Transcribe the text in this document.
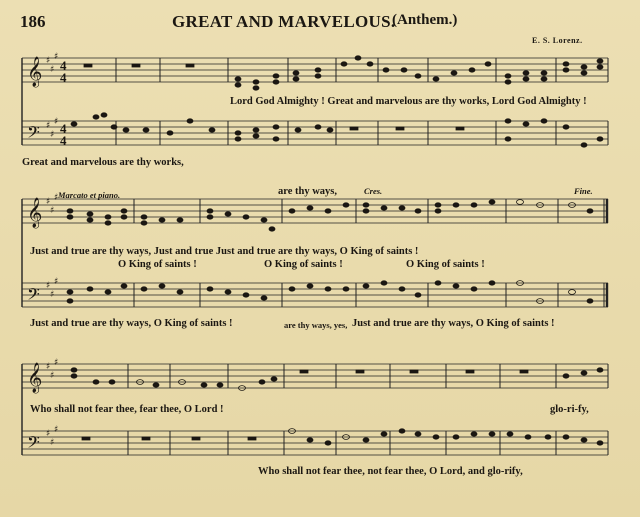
186	GREAT AND MARVELOUS.
(Anthem.)
E. S. Lorenz.
𝄞
𝄢
𝄞
𝄢
𝄞
𝄢
♯
♯
♯
♯
♯
♯
♯
♯
♯
♯
♯
♯
♯
♯
♯
♯
♯
♯
4
4
4
4
Lord God Almighty ! Great and marvelous are thy works, Lord God Almighty !
Great and marvelous are thy works,
Marcato et piano.	are thy ways,	Cres.	Fine.
Just and true are thy ways, Just and true Just and true are thy ways, O King of saints !
O King of saints !	O King of saints !	O King of saints !
Just and true are thy ways, O King of saints !	are thy ways, yes, Just and true are thy ways, O King of saints !
Who shall not fear thee, fear thee, O Lord !	glo-ri-fy,
Who shall not fear thee, not fear thee, O Lord, and glo-rify,
